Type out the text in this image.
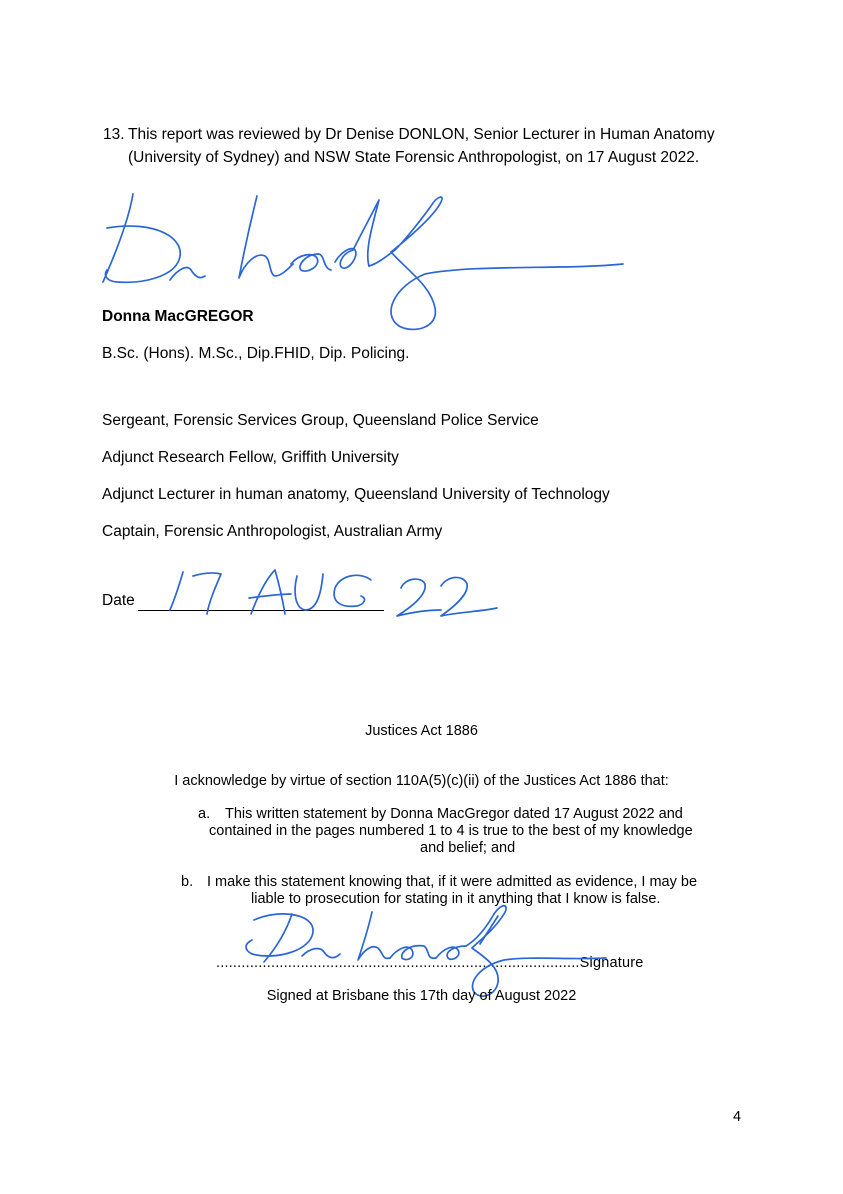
13. This report was reviewed by Dr Denise DONLON, Senior Lecturer in Human Anatomy (University of Sydney) and NSW State Forensic Anthropologist, on 17 August 2022.
Donna MacGREGOR
B.Sc. (Hons). M.Sc., Dip.FHID, Dip. Policing.
Sergeant, Forensic Services Group, Queensland Police Service
Adjunct Research Fellow, Griffith University
Adjunct Lecturer in human anatomy, Queensland University of Technology
Captain, Forensic Anthropologist, Australian Army
Date
Justices Act 1886
I acknowledge by virtue of section 110A(5)(c)(ii) of the Justices Act 1886 that:
a. This written statement by Donna MacGregor dated 17 August 2022 and
contained in the pages numbered 1 to 4 is true to the best of my knowledge
and belief; and
b. I make this statement knowing that, if it were admitted as evidence, I may be
liable to prosecution for stating in it anything that I know is false.
......................................................................................Signature
Signed at Brisbane this 17th day of August 2022
4
